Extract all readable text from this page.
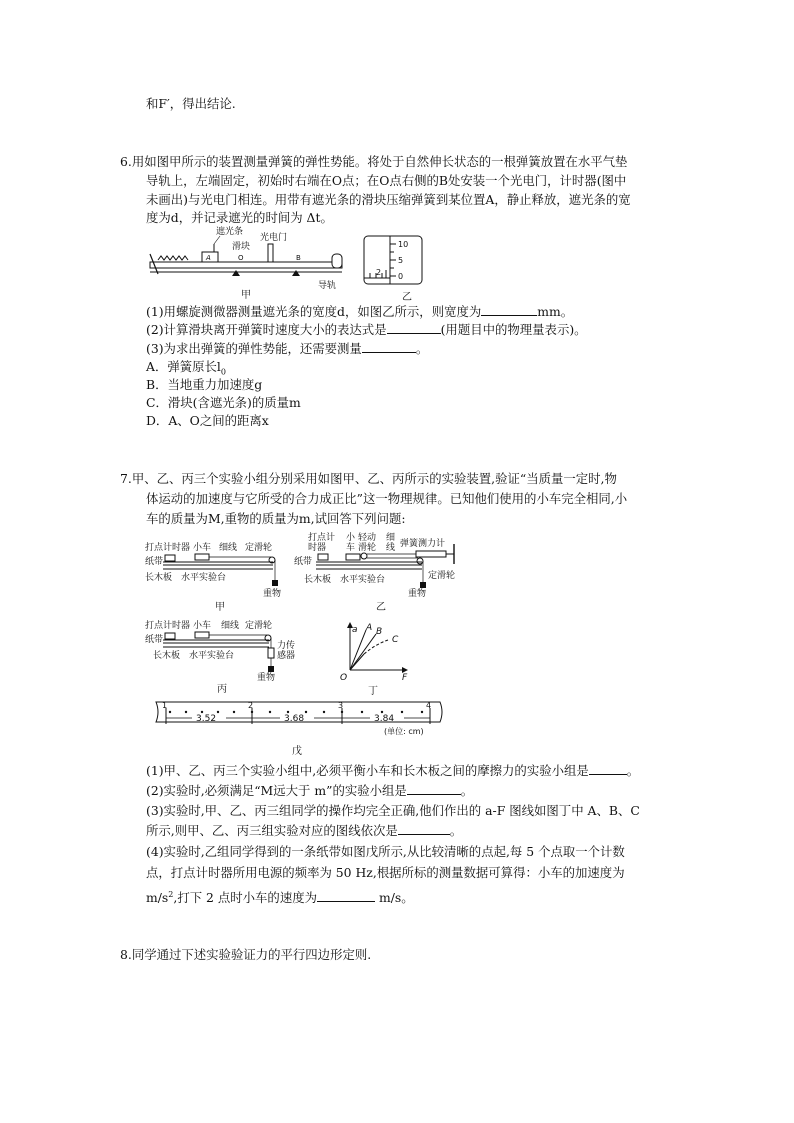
和F′，得出结论.
6.用如图甲所示的装置测量弹簧的弹性势能。将处于自然伸长状态的一根弹簧放置在水平气垫
导轨上，左端固定，初始时右端在O点；在O点右侧的B处安装一个光电门，计时器(图中
未画出)与光电门相连。用带有遮光条的滑块压缩弹簧到某位置A，静止释放，遮光条的宽
度为d，并记录遮光的时间为 Δt。
遮光条
滑块
光电门
导轨
A	O	B
甲
10
5
0
2
乙
(1)用螺旋测微器测量遮光条的宽度d，如图乙所示，则宽度为	mm。
(2)计算滑块离开弹簧时速度大小的表达式是	(用题目中的物理量表示)。
(3)为求出弹簧的弹性势能，还需要测量	。
A．弹簧原长$l_0$
B．当地重力加速度g
C．滑块(含遮光条)的质量m
D．A、O之间的距离x
7.甲、乙、丙三个实验小组分别采用如图甲、乙、丙所示的实验装置,验证“当质量一定时,物
体运动的加速度与它所受的合力成正比”这一物理规律。已知他们使用的小车完全相同,小
车的质量为M,重物的质量为m,试回答下列问题:
打点计时器 小车 细线 定滑轮
纸带
长木板 水平实验台
重物
甲
打点计
时器
小
车
轻动
滑轮
细
线 弹簧测力计
纸带
长木板 水平实验台	定滑轮
重物
乙
打点计时器 小车 细线 定滑轮
纸带
力传
感器
长木板 水平实验台
重物
丙
a A B
C
O	F
丁
1	2	3	4
3.52	3.68	3.84
(单位: cm)
戊
(1)甲、乙、丙三个实验小组中,必须平衡小车和长木板之间的摩擦力的实验小组是	。
(2)实验时,必须满足“M远大于 m”的实验小组是	。
(3)实验时,甲、乙、丙三组同学的操作均完全正确,他们作出的 a-F 图线如图丁中 A、B、C
所示,则甲、乙、丙三组实验对应的图线依次是	。
(4)实验时,乙组同学得到的一条纸带如图戊所示,从比较清晰的点起,每 5 个点取一个计数
点，打点计时器所用电源的频率为 50 Hz,根据所标的测量数据可算得：小车的加速度为
$m/s^2$,打下 2 点时小车的速度为	m/s。
8.同学通过下述实验验证力的平行四边形定则.
